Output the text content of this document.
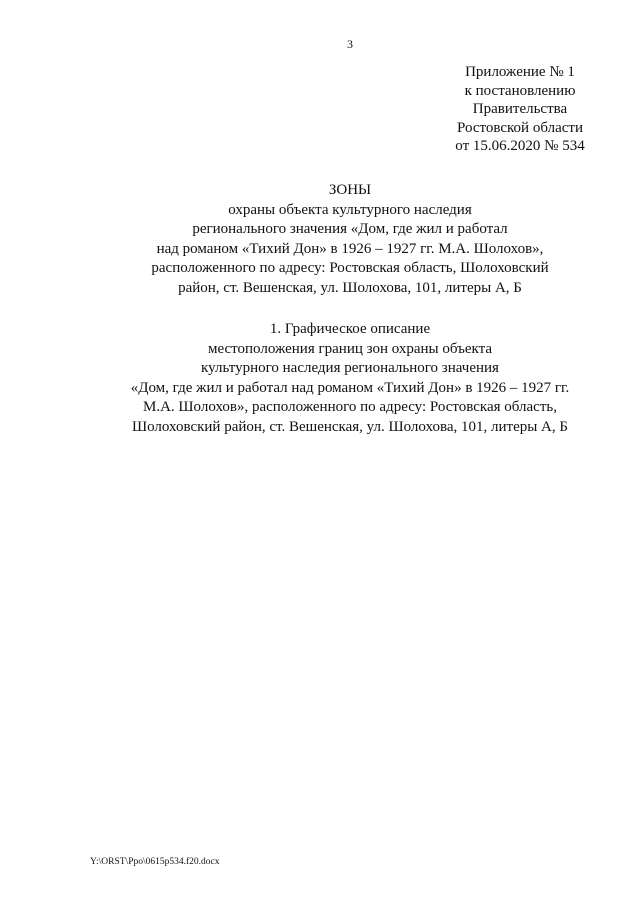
3
Приложение № 1
к постановлению
Правительства
Ростовской области
от 15.06.2020 № 534
ЗОНЫ
охраны объекта культурного наследия
регионального значения «Дом, где жил и работал
над романом «Тихий Дон» в 1926 – 1927 гг. М.А. Шолохов»,
расположенного по адресу: Ростовская область, Шолоховский
район, ст. Вешенская, ул. Шолохова, 101, литеры А, Б
1. Графическое описание
местоположения границ зон охраны объекта
культурного наследия регионального значения
«Дом, где жил и работал над романом «Тихий Дон» в 1926 – 1927 гг.
М.А. Шолохов», расположенного по адресу: Ростовская область,
Шолоховский район, ст. Вешенская, ул. Шолохова, 101, литеры А, Б
Y:\ORST\Ppo\0615p534.f20.docx
